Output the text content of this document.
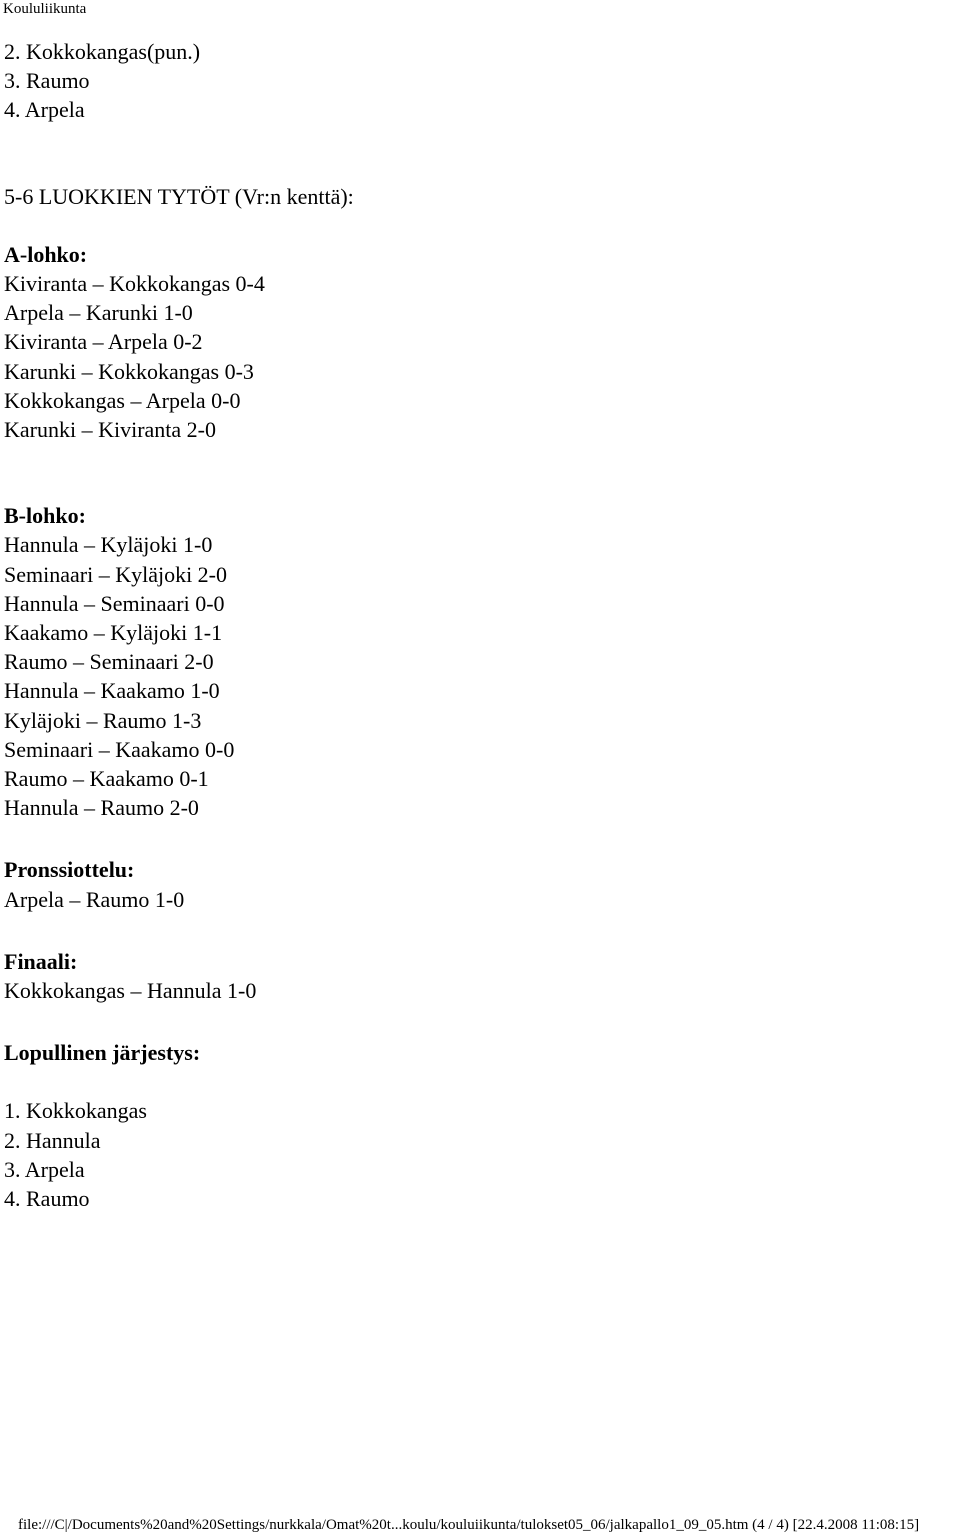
Koululiikunta
2. Kokkokangas(pun.)
3. Raumo
4. Arpela
5-6 LUOKKIEN TYTÖT (Vr:n kenttä):
A-lohko:
Kiviranta – Kokkokangas 0-4
Arpela – Karunki 1-0
Kiviranta – Arpela 0-2
Karunki – Kokkokangas 0-3
Kokkokangas – Arpela 0-0
Karunki – Kiviranta 2-0
B-lohko:
Hannula – Kyläjoki 1-0
Seminaari – Kyläjoki 2-0
Hannula – Seminaari 0-0
Kaakamo – Kyläjoki 1-1
Raumo – Seminaari 2-0
Hannula – Kaakamo 1-0
Kyläjoki – Raumo 1-3
Seminaari – Kaakamo 0-0
Raumo – Kaakamo 0-1
Hannula – Raumo 2-0
Pronssiottelu:
Arpela – Raumo 1-0
Finaali:
Kokkokangas – Hannula 1-0
Lopullinen järjestys:
1. Kokkokangas
2. Hannula
3. Arpela
4. Raumo
file:///C|/Documents%20and%20Settings/nurkkala/Omat%20t...koulu/kouluiikunta/tulokset05_06/jalkapallo1_09_05.htm (4 / 4) [22.4.2008 11:08:15]
